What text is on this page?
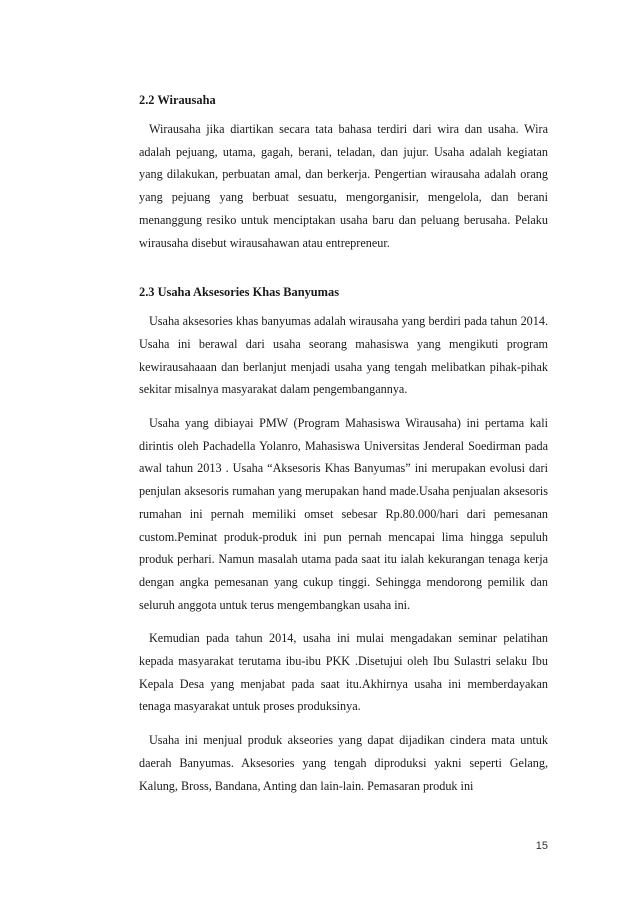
2.2 Wirausaha

Wirausaha jika diartikan secara tata bahasa terdiri dari wira dan usaha. Wira adalah pejuang, utama, gagah, berani, teladan, dan jujur. Usaha adalah kegiatan yang dilakukan, perbuatan amal, dan berkerja. Pengertian wirausaha adalah orang yang pejuang yang berbuat sesuatu, mengorganisir, mengelola, dan berani menanggung resiko untuk menciptakan usaha baru dan peluang berusaha. Pelaku wirausaha disebut wirausahawan atau entrepreneur.

2.3 Usaha Aksesories Khas Banyumas

Usaha aksesories khas banyumas adalah wirausaha yang berdiri pada tahun 2014. Usaha ini berawal dari usaha seorang mahasiswa yang mengikuti program kewirausahaaan dan berlanjut menjadi usaha yang tengah melibatkan pihak-pihak sekitar misalnya masyarakat dalam pengembangannya.

Usaha yang dibiayai PMW (Program Mahasiswa Wirausaha) ini pertama kali dirintis oleh Pachadella Yolanro, Mahasiswa Universitas Jenderal Soedirman pada awal tahun 2013 . Usaha “Aksesoris Khas Banyumas” ini merupakan evolusi dari penjulan aksesoris rumahan yang merupakan hand made.Usaha penjualan aksesoris rumahan ini pernah memiliki omset sebesar Rp.80.000/hari dari pemesanan custom.Peminat produk-produk ini pun pernah mencapai lima hingga sepuluh produk perhari. Namun masalah utama pada saat itu ialah kekurangan tenaga kerja dengan angka pemesanan yang cukup tinggi. Sehingga mendorong pemilik dan seluruh anggota untuk terus mengembangkan usaha ini.

Kemudian pada tahun 2014, usaha ini mulai mengadakan seminar pelatihan kepada masyarakat terutama ibu-ibu PKK .Disetujui oleh Ibu Sulastri selaku Ibu Kepala Desa yang menjabat pada saat itu.Akhirnya usaha ini memberdayakan tenaga masyarakat untuk proses produksinya.

Usaha ini menjual produk akseories yang dapat dijadikan cindera mata untuk daerah Banyumas. Aksesories yang tengah diproduksi yakni seperti Gelang, Kalung, Bross, Bandana, Anting dan lain-lain. Pemasaran produk ini

15
